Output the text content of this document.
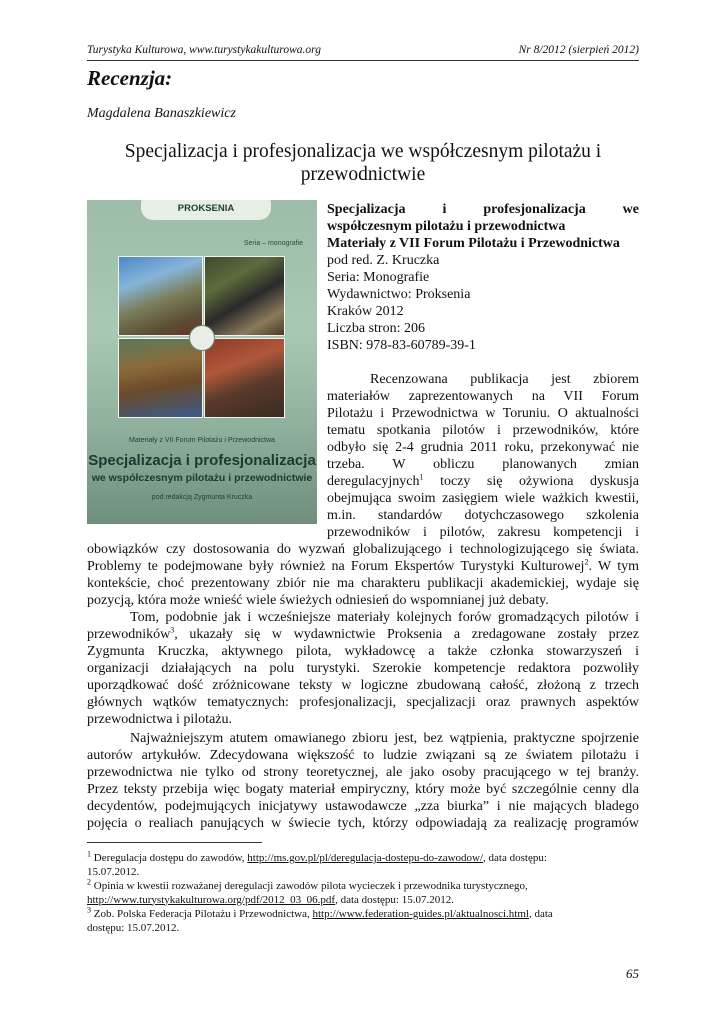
Turystyka Kulturowa, www.turystykakulturowa.org	Nr 8/2012 (sierpień 2012)
Recenzja:
Magdalena Banaszkiewicz
Specjalizacja i profesjonalizacja we współczesnym pilotażu i
przewodnictwie
PROKSENIA
Seria – monografie
Materiały z VII Forum Pilotażu i Przewodnictwa
Specjalizacja i profesjonalizacja
we współczesnym pilotażu i przewodnictwie
pod redakcją Zygmunta Kruczka
Specjalizacja i profesjonalizacja we
współczesnym pilotażu i przewodnictwa
Materiały z VII Forum Pilotażu i Przewodnictwa
pod red. Z. Kruczka
Seria: Monografie
Wydawnictwo: Proksenia
Kraków 2012
Liczba stron: 206
ISBN: 978-83-60789-39-1
Recenzowana publikacja jest zbiorem
materiałów zaprezentowanych na VII Forum
Pilotażu i Przewodnictwa w Toruniu. O aktualności
tematu spotkania pilotów i przewodników, które
odbyło się 2-4 grudnia 2011 roku, przekonywać nie
trzeba. W obliczu planowanych zmian
deregulacyjnych$^1$ toczy się ożywiona dyskusja
obejmująca swoim zasięgiem wiele ważkich kwestii,
m.in. standardów dotychczasowego szkolenia
przewodników i pilotów, zakresu kompetencji i
obowiązków czy dostosowania do wyzwań globalizującego i technologizującego się świata.
Problemy te podejmowane były również na Forum Ekspertów Turystyki Kulturowej$^2$. W tym
kontekście, choć prezentowany zbiór nie ma charakteru publikacji akademickiej, wydaje się
pozycją, która może wnieść wiele świeżych odniesień do wspomnianej już debaty.
Tom, podobnie jak i wcześniejsze materiały kolejnych forów gromadzących pilotów i
przewodników$^3$, ukazały się w wydawnictwie Proksenia a zredagowane zostały przez
Zygmunta Kruczka, aktywnego pilota, wykładowcę a także członka stowarzyszeń i
organizacji działających na polu turystyki. Szerokie kompetencje redaktora pozwoliły
uporządkować dość zróżnicowane teksty w logiczne zbudowaną całość, złożoną z trzech
głównych wątków tematycznych: profesjonalizacji, specjalizacji oraz prawnych aspektów
przewodnictwa i pilotażu.
Najważniejszym atutem omawianego zbioru jest, bez wątpienia, praktyczne spojrzenie
autorów artykułów. Zdecydowana większość to ludzie związani są ze światem pilotażu i
przewodnictwa nie tylko od strony teoretycznej, ale jako osoby pracującego w tej branży.
Przez teksty przebija więc bogaty materiał empiryczny, który może być szczególnie cenny dla
decydentów, podejmujących inicjatywy ustawodawcze „zza biurka” i nie mających bladego
pojęcia o realiach panujących w świecie tych, którzy odpowiadają za realizację programów
$^1$ Deregulacja dostępu do zawodów, http://ms.gov.pl/pl/deregulacja-dostepu-do-zawodow/, data dostępu:
15.07.2012.
$^2$ Opinia w kwestii rozważanej deregulacji zawodów pilota wycieczek i przewodnika turystycznego,
http://www.turystykakulturowa.org/pdf/2012_03_06.pdf, data dostępu: 15.07.2012.
$^3$ Zob. Polska Federacja Pilotażu i Przewodnictwa, http://www.federation-guides.pl/aktualnosci.html, data
dostępu: 15.07.2012.
65
